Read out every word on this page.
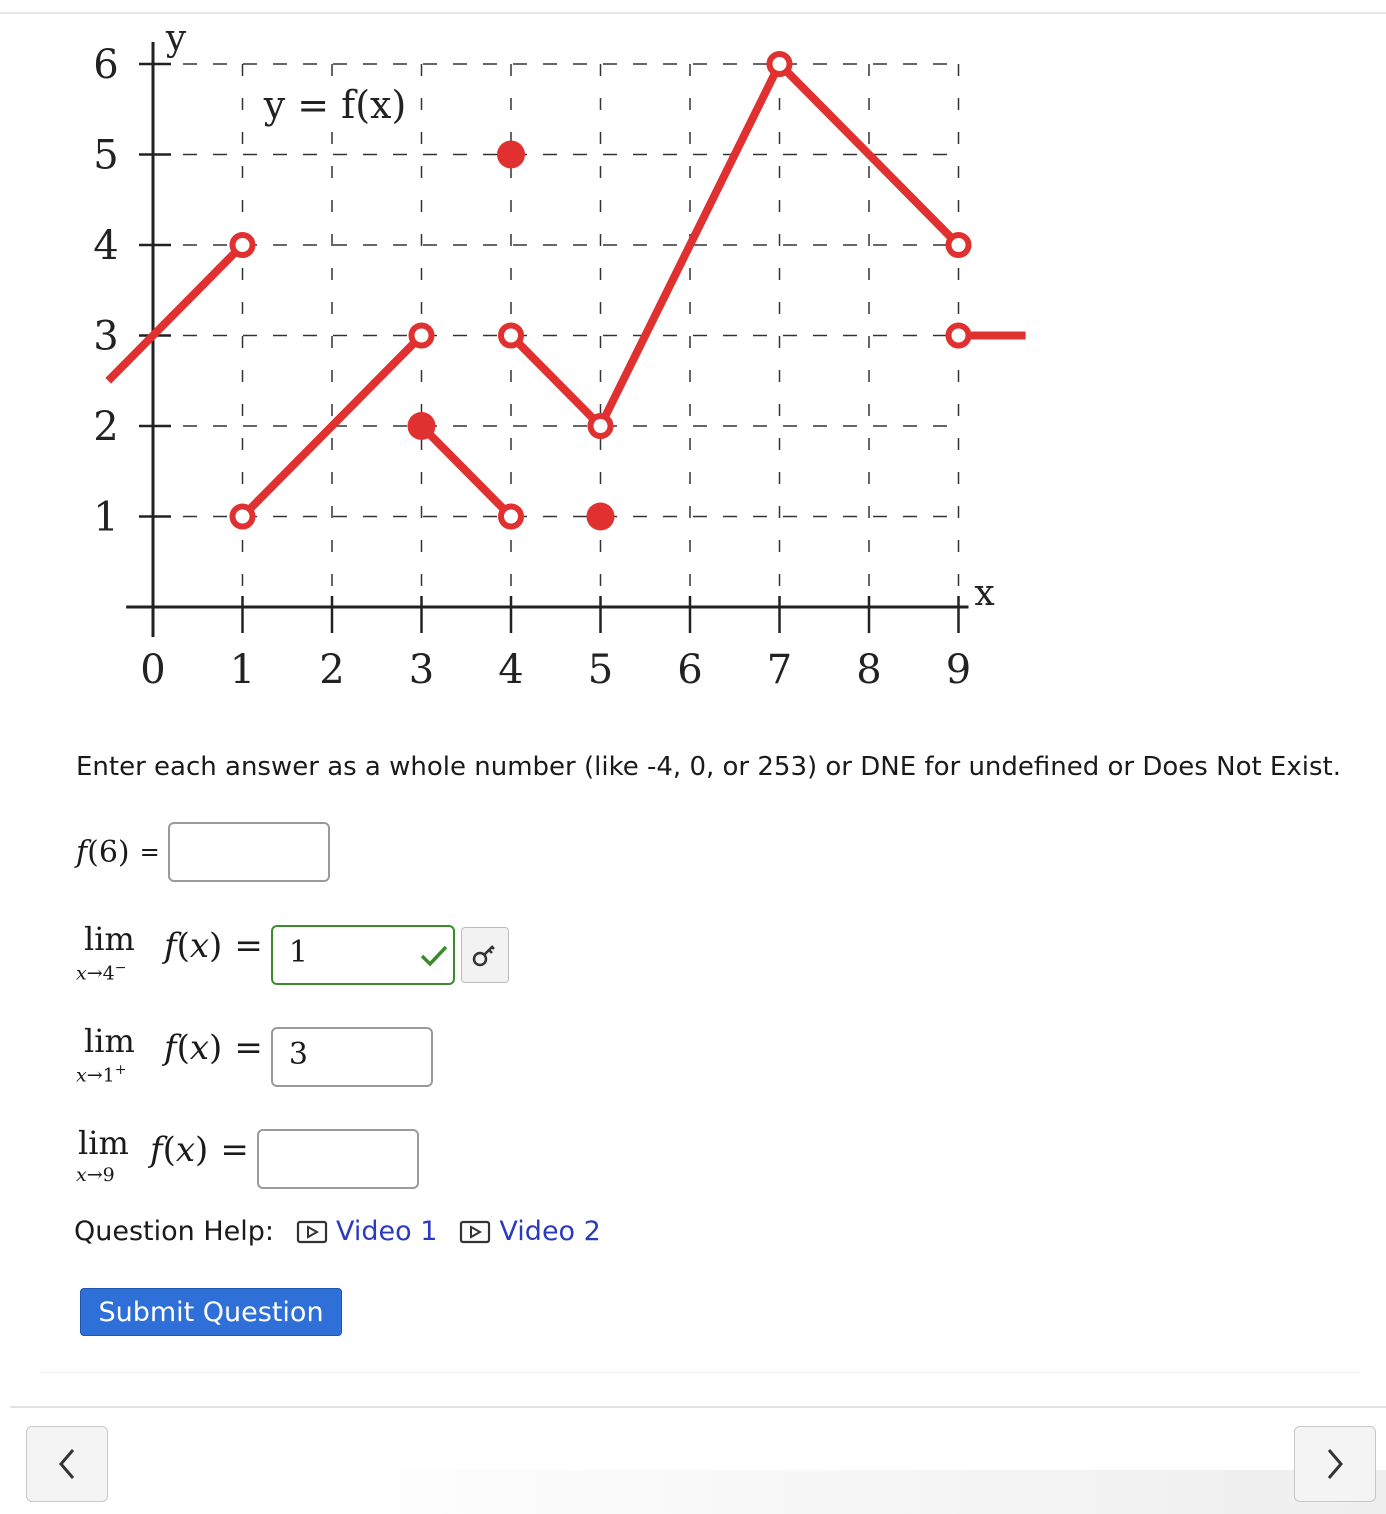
0 1 2 3 4 5 6 7 8 9
1
2
3
4
5
6
y
x
y = f(x)
Enter each answer as a whole number (like -4, 0, or 253) or DNE for undefined or Does Not Exist.
f(6) =
lim
x→4−
f(x) = 1
lim
x→1+
f(x) = 3
lim
x→9
f(x) =
Question Help: Video 1 Video 2
Submit Question
